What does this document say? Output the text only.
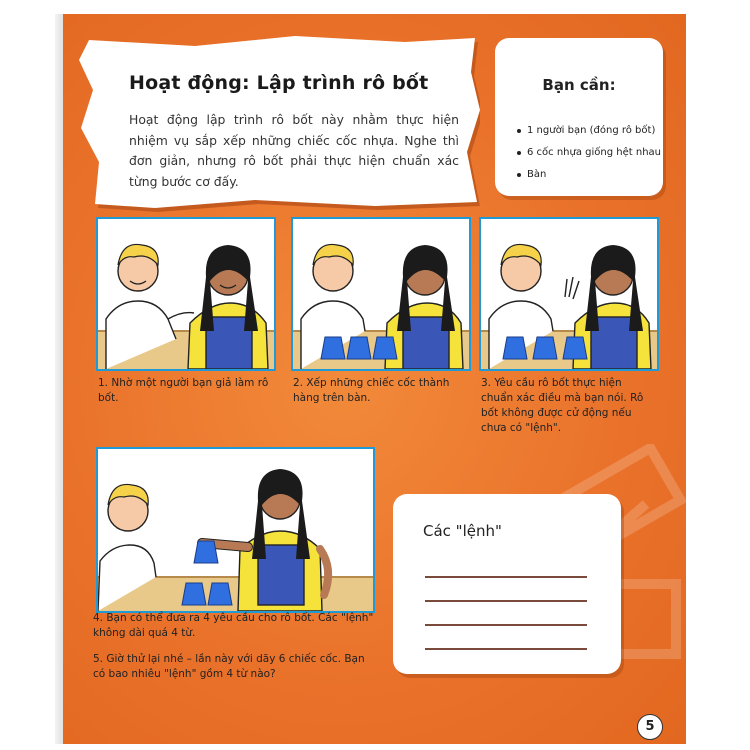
Hoạt động: Lập trình rô bốt
Hoạt động lập trình rô bốt này nhằm thực hiện nhiệm vụ sắp xếp những chiếc cốc nhựa. Nghe thì đơn giản, nhưng rô bốt phải thực hiện chuẩn xác từng bước cơ đấy.
Bạn cần:
1 người bạn (đóng rô bốt)
6 cốc nhựa giống hệt nhau
Bàn
1. Nhờ một người bạn giả làm rô bốt.
2. Xếp những chiếc cốc thành hàng trên bàn.
3. Yêu cầu rô bốt thực hiện chuẩn xác điều mà bạn nói. Rô bốt không được cử động nếu chưa có "lệnh".
4. Bạn có thể đưa ra 4 yêu cầu cho rô bốt. Các "lệnh" không dài quá 4 từ.
5. Giờ thử lại nhé – lần này với dãy 6 chiếc cốc. Bạn có bao nhiêu "lệnh" gồm 4 từ nào?
Các "lệnh"
5
